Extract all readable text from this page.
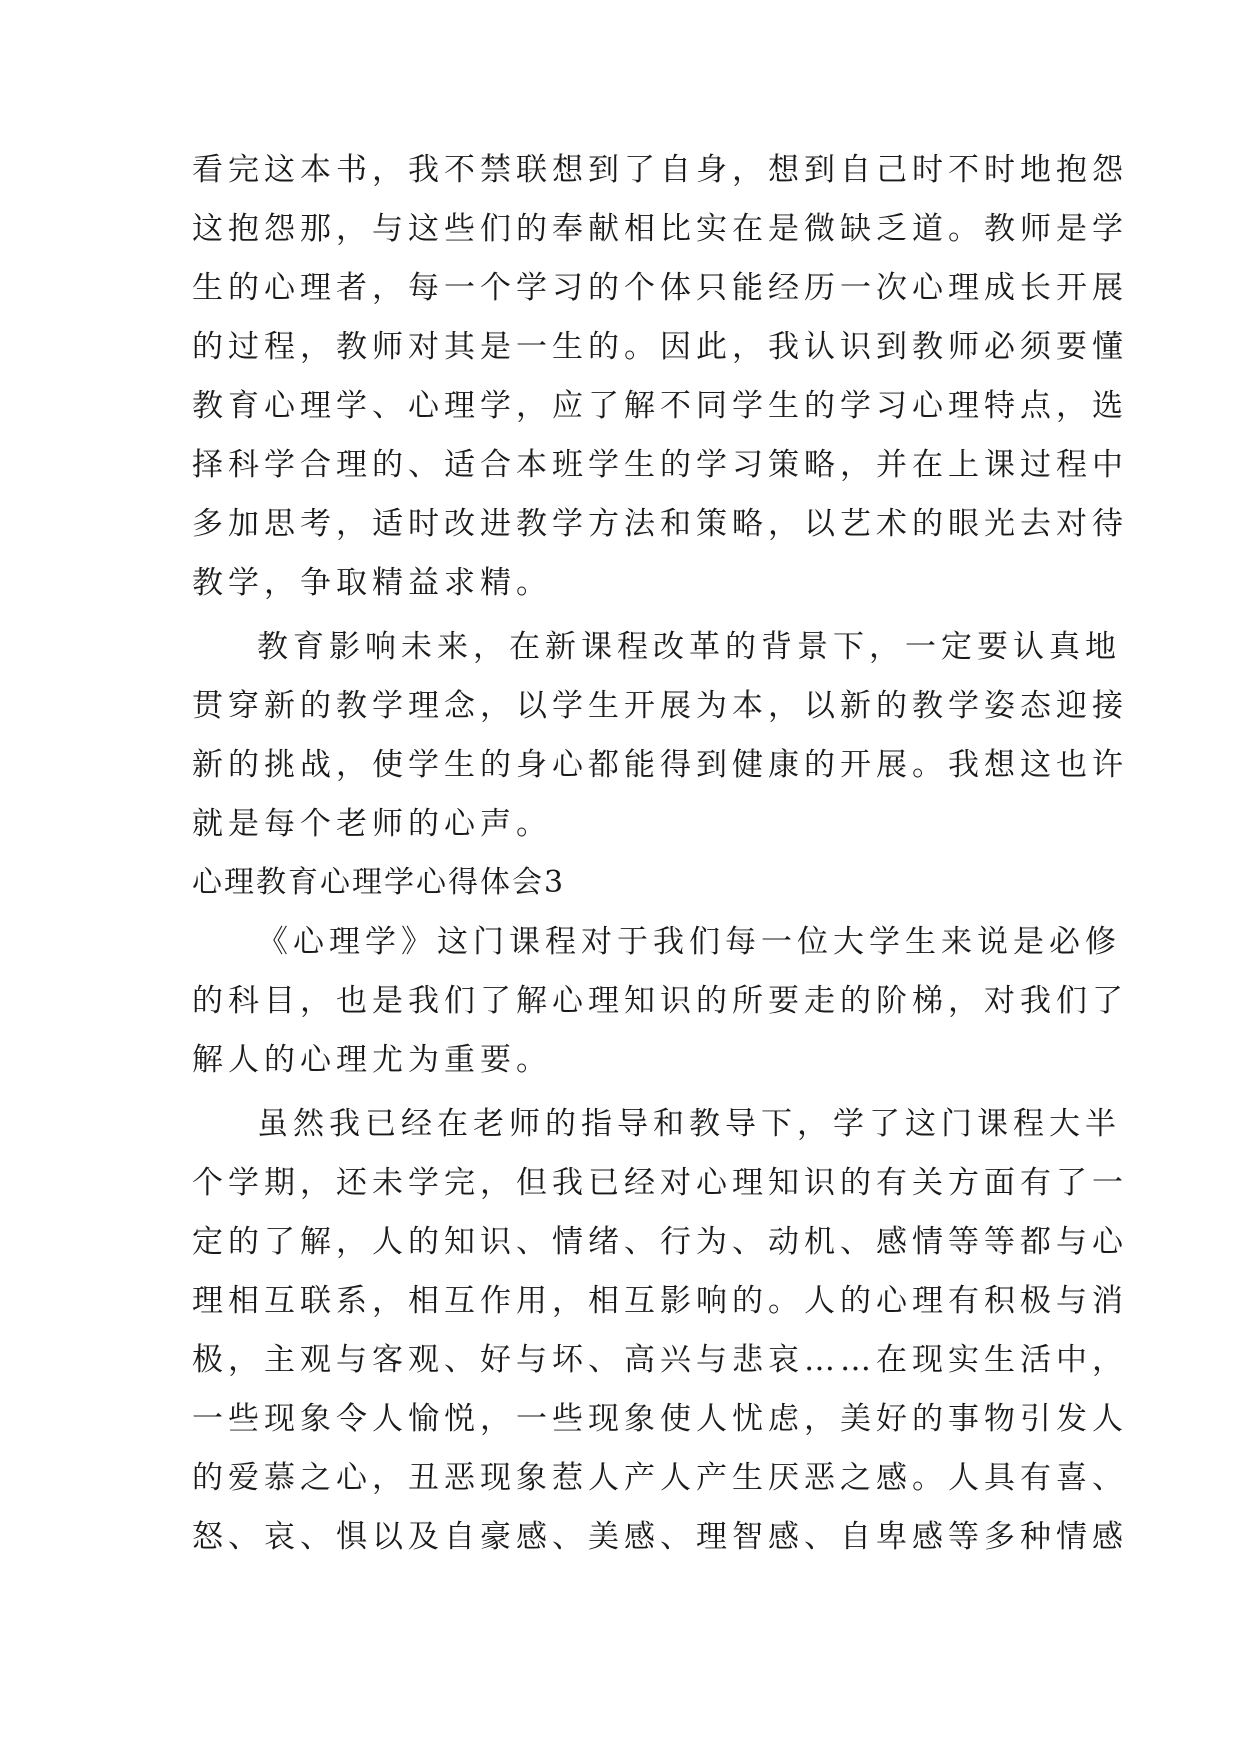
看完这本书，我不禁联想到了自身，想到自己时不时地抱怨
这抱怨那，与这些们的奉献相比实在是微缺乏道。教师是学
生的心理者，每一个学习的个体只能经历一次心理成长开展
的过程，教师对其是一生的。因此，我认识到教师必须要懂
教育心理学、心理学，应了解不同学生的学习心理特点，选
择科学合理的、适合本班学生的学习策略，并在上课过程中
多加思考，适时改进教学方法和策略，以艺术的眼光去对待
教学，争取精益求精。
教育影响未来，在新课程改革的背景下，一定要认真地
贯穿新的教学理念，以学生开展为本，以新的教学姿态迎接
新的挑战，使学生的身心都能得到健康的开展。我想这也许
就是每个老师的心声。
心理教育心理学心得体会3
《心理学》这门课程对于我们每一位大学生来说是必修
的科目，也是我们了解心理知识的所要走的阶梯，对我们了
解人的心理尤为重要。
虽然我已经在老师的指导和教导下，学了这门课程大半
个学期，还未学完，但我已经对心理知识的有关方面有了一
定的了解，人的知识、情绪、行为、动机、感情等等都与心
理相互联系，相互作用，相互影响的。人的心理有积极与消
极，主观与客观、好与坏、高兴与悲哀……在现实生活中，
一些现象令人愉悦，一些现象使人忧虑，美好的事物引发人
的爱慕之心，丑恶现象惹人产人产生厌恶之感。人具有喜、
怒、哀、惧以及自豪感、美感、理智感、自卑感等多种情感
